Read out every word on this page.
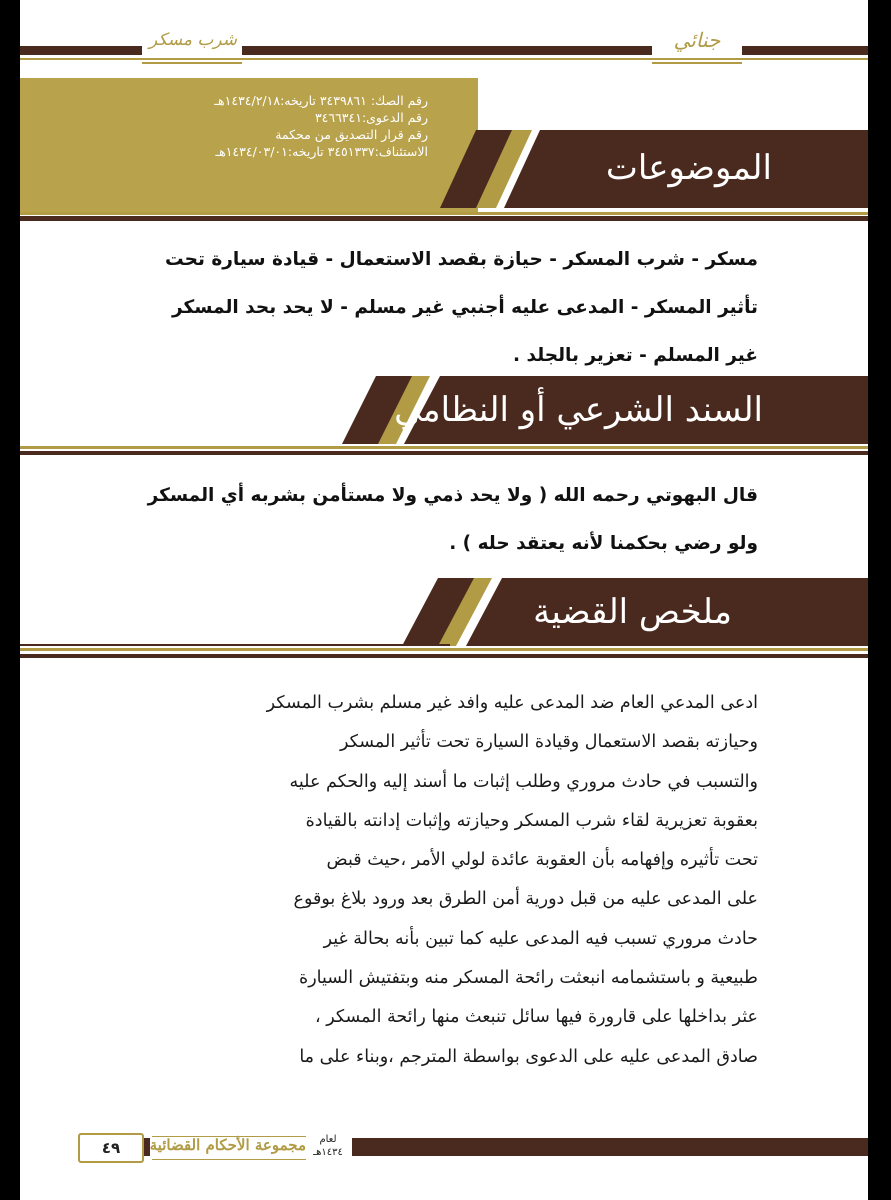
شرب مسكر	جنائي
رقم الصك: ٣٤٣٩٨٦١ تاريخه:١٤٣٤/٢/١٨هـ
رقم الدعوى:٣٤٦٦٣٤١
رقم قرار التصديق من محكمة
الاستئناف:٣٤٥١٣٣٧ تاريخه:١٤٣٤/٠٣/٠١هـ	الموضوعات
مسكر - شرب المسكر - حيازة بقصد الاستعمال - قيادة سيارة تحت
تأثير المسكر - المدعى عليه أجنبي غير مسلم - لا يحد بحد المسكر
غير المسلم - تعزير بالجلد .
السند الشرعي أو النظامي
قال البهوتي رحمه الله ( ولا يحد ذمي ولا مستأمن بشربه أي المسكر
ولو رضي بحكمنا لأنه يعتقد حله ) .
ملخص القضية
ادعى المدعي العام ضد المدعى عليه وافد غير مسلم بشرب المسكر
وحيازته بقصد الاستعمال وقيادة السيارة تحت تأثير المسكر
والتسبب في حادث مروري وطلب إثبات ما أسند إليه والحكم عليه
بعقوبة تعزيرية لقاء شرب المسكر وحيازته وإثبات إدانته بالقيادة
تحت تأثيره وإفهامه بأن العقوبة عائدة لولي الأمر ،حيث قبض
على المدعى عليه من قبل دورية أمن الطرق بعد ورود بلاغ بوقوع
حادث مروري تسبب فيه المدعى عليه كما تبين بأنه بحالة غير
طبيعية و باستشمامه انبعثت رائحة المسكر منه وبتفتيش السيارة
عثر بداخلها على قارورة فيها سائل تنبعث منها رائحة المسكر ،
صادق المدعى عليه على الدعوى بواسطة المترجم ،وبناء على ما
٤٩	مجموعة الأحكام القضائية	لعام
١٤٣٤هـ
